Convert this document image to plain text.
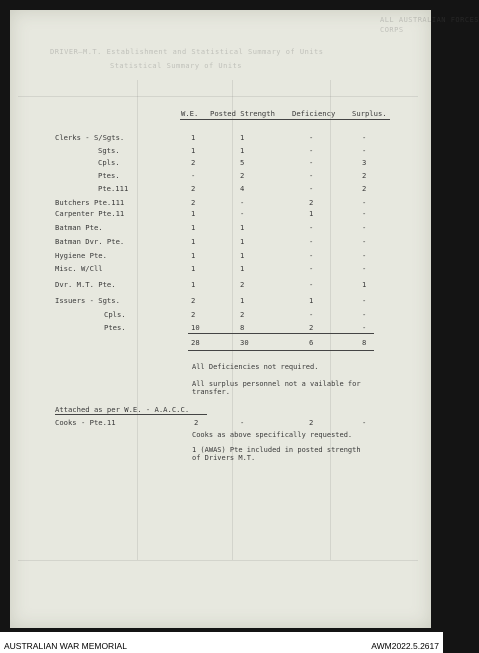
ALL AUSTRALIAN FORCES
CORPS
DRIVER—M.T. Establishment and Statistical Summary of Units
Statistical Summary of Units
W.E. Posted Strength Deficiency Surplus.
Clerks - S/Sgts.	1	1	-	-
Sgts.	1	1	-	-
Cpls.	2	5	-	3
Ptes.	-	2	-	2
Pte.111	2	4	-	2
Butchers Pte.111	2	-	2	-
Carpenter Pte.11	1	-	1	-
Batman Pte.	1	1	-	-
Batman Dvr. Pte.	1	1	-	-
Hygiene Pte.	1	1	-	-
Misc. W/Cll	1	1	-	-
Dvr. M.T. Pte.	1	2	-	1
Issuers - Sgts.	2	1	1	-
Cpls.	2	2	-	-
Ptes.	10	8	2	-
28	30	6	8
All Deficiencies not required.
All surplus personnel not a vailable for
transfer.
Attached as per W.E. - A.A.C.C.
Cooks - Pte.11	2	-	2	-
Cooks as above specifically requested.
1 (AWAS) Pte included in posted strength
of Drivers M.T.
AUSTRALIAN WAR MEMORIAL	AWM2022.5.2617
